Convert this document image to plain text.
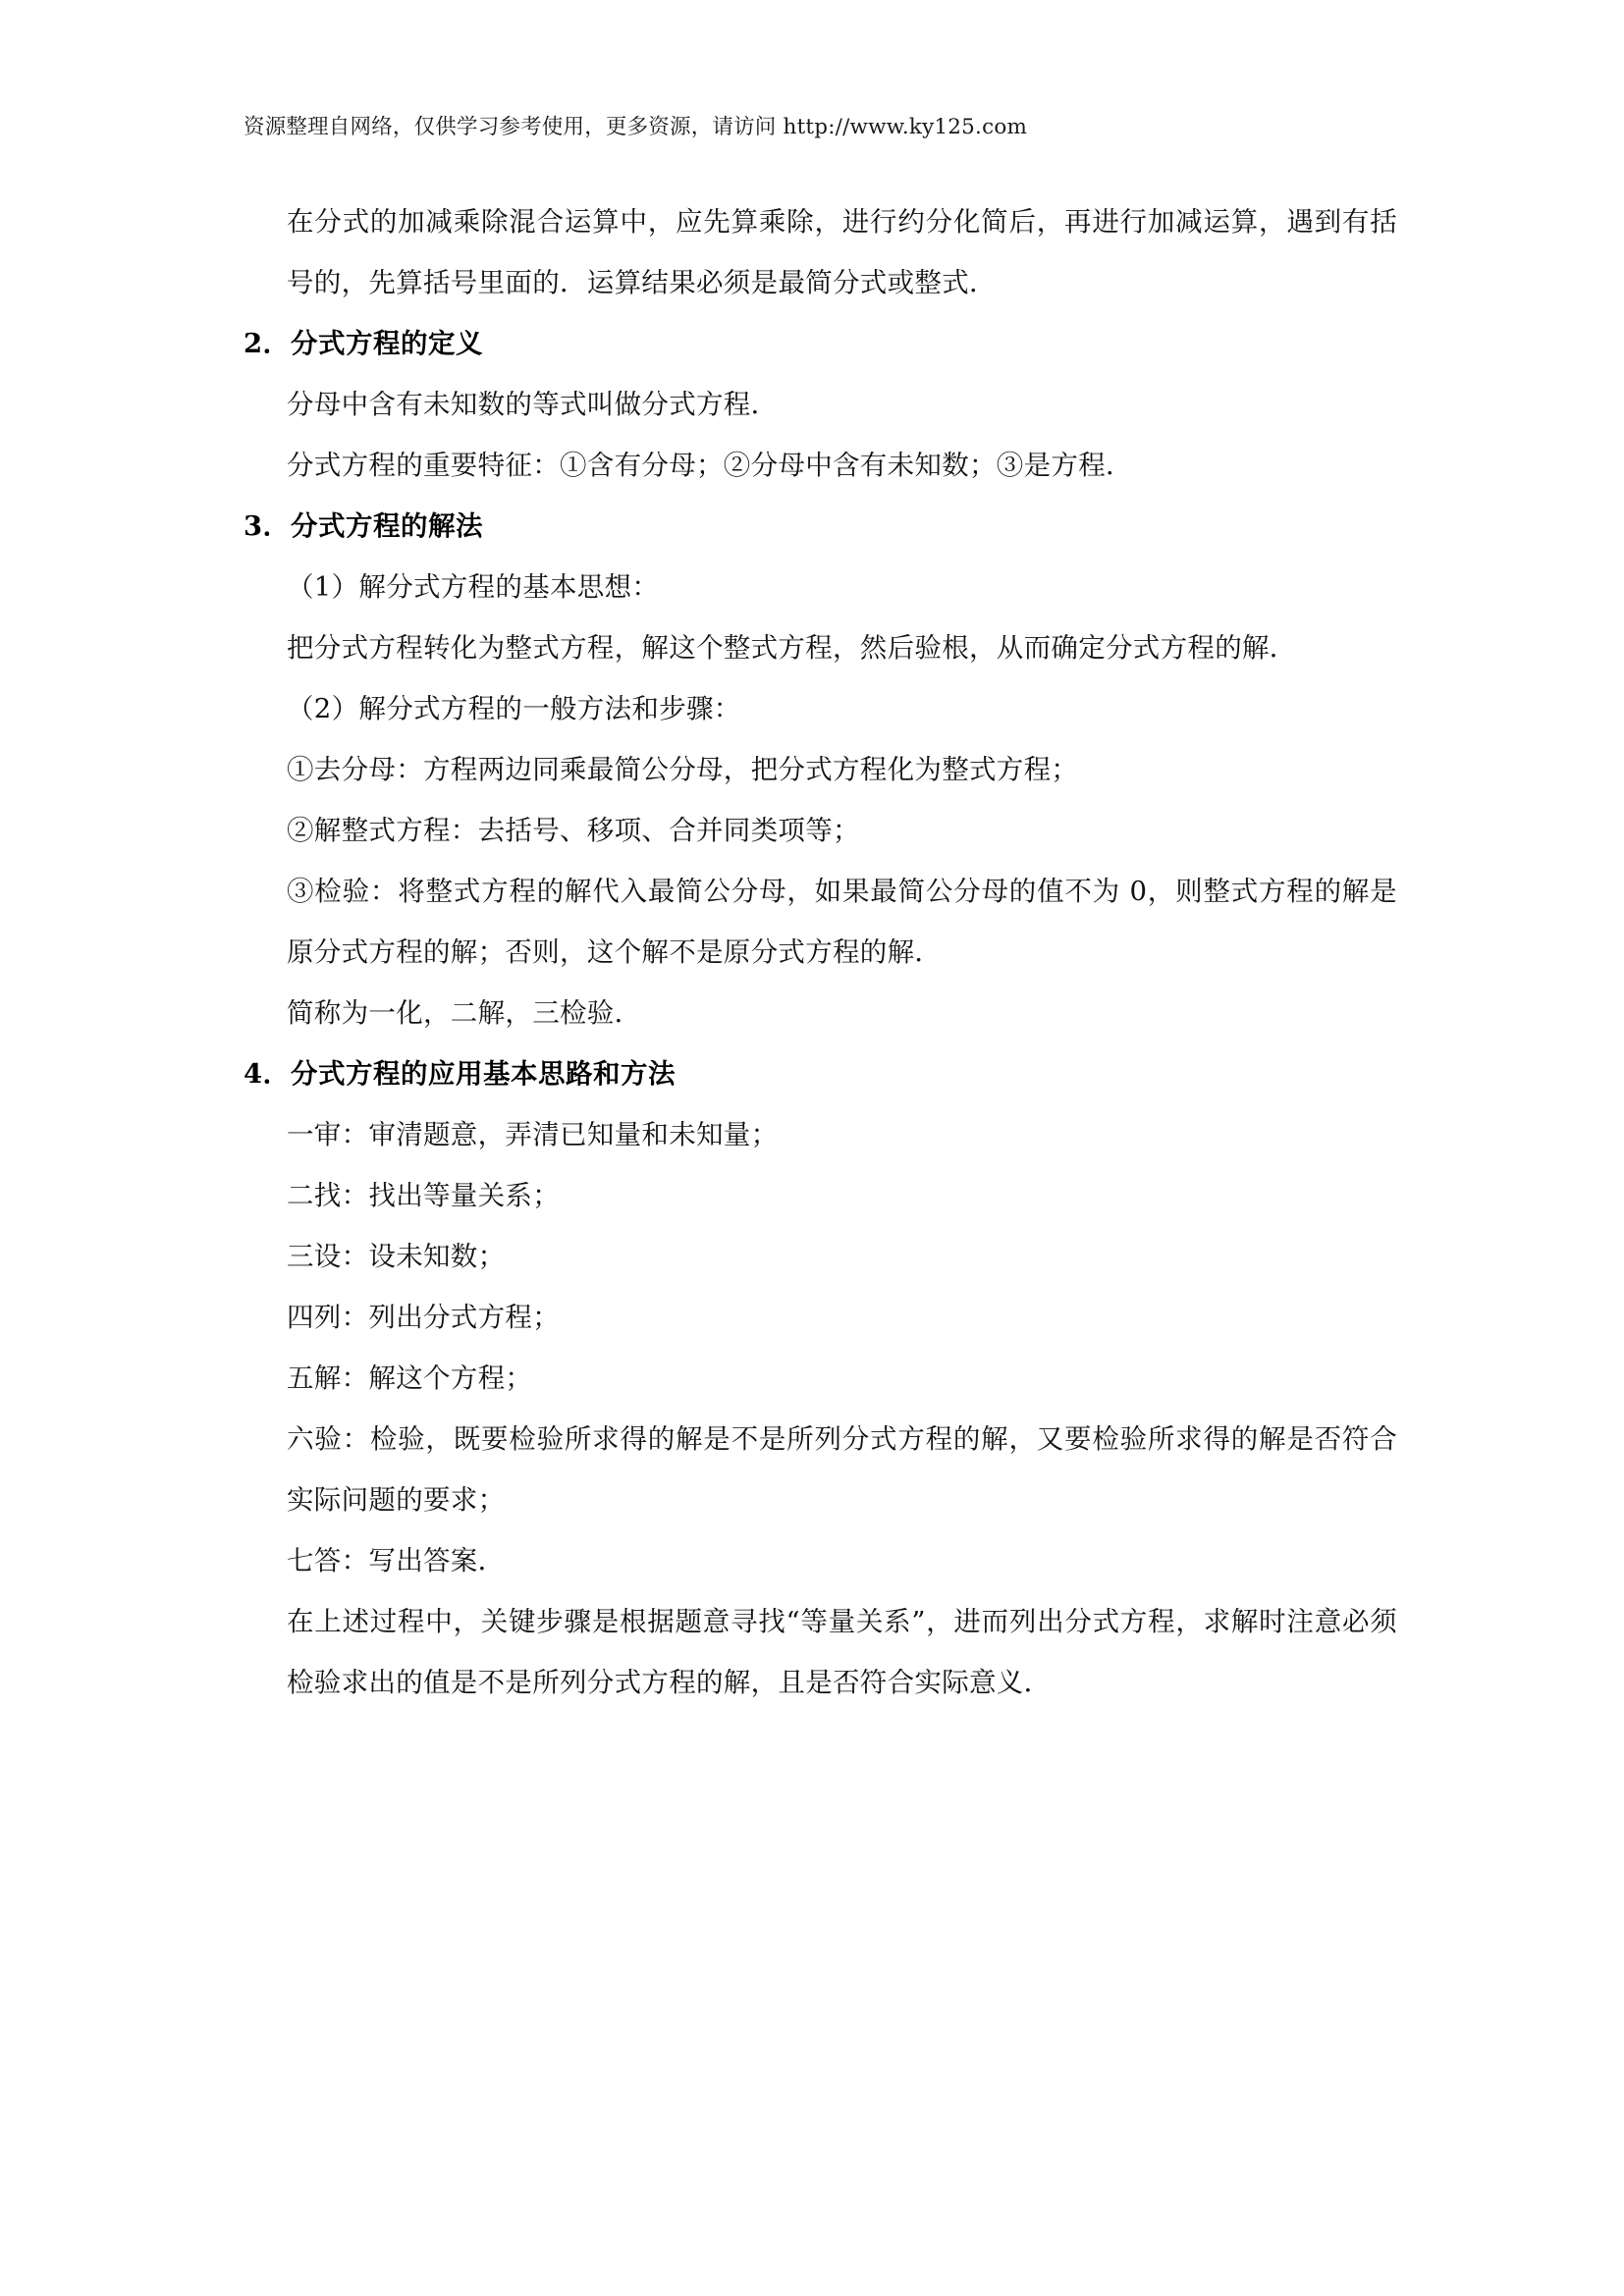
资源整理自网络，仅供学习参考使用，更多资源，请访问 http://www.ky125.com
在分式的加减乘除混合运算中，应先算乘除，进行约分化简后，再进行加减运算，遇到有括号的，先算括号里面的．运算结果必须是最简分式或整式．
2．分式方程的定义
分母中含有未知数的等式叫做分式方程．
分式方程的重要特征：①含有分母；②分母中含有未知数；③是方程．
3．分式方程的解法
（1）解分式方程的基本思想：
把分式方程转化为整式方程，解这个整式方程，然后验根，从而确定分式方程的解．
（2）解分式方程的一般方法和步骤：
①去分母：方程两边同乘最简公分母，把分式方程化为整式方程；
②解整式方程：去括号、移项、合并同类项等；
③检验：将整式方程的解代入最简公分母，如果最简公分母的值不为 0，则整式方程的解是原分式方程的解；否则，这个解不是原分式方程的解．
简称为一化，二解，三检验．
4．分式方程的应用基本思路和方法
一审：审清题意，弄清已知量和未知量；
二找：找出等量关系；
三设：设未知数；
四列：列出分式方程；
五解：解这个方程；
六验：检验，既要检验所求得的解是不是所列分式方程的解，又要检验所求得的解是否符合实际问题的要求；
七答：写出答案．
在上述过程中，关键步骤是根据题意寻找“等量关系”，进而列出分式方程，求解时注意必须检验求出的值是不是所列分式方程的解，且是否符合实际意义．
